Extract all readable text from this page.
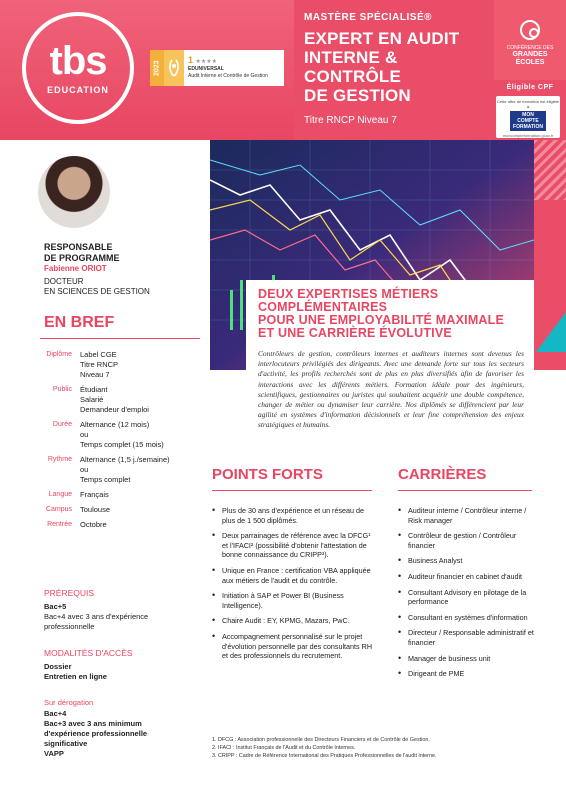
tbs
EDUCATION
2023
1 ★★★★
EDUNIVERSAL
Audit Interne et Contrôle de Gestion
MASTÈRE SPÉCIALISÉ®
EXPERT EN AUDIT
INTERNE & CONTRÔLE
DE GESTION
Titre RNCP Niveau 7
CONFÉRENCE DES
GRANDES
ÉCOLES
Éligible CPF
Cette offre de formation est éligible à
MON
COMPTE
FORMATION
moncompteformation.gouv.fr
RESPONSABLE
DE PROGRAMME
Fabienne ORIOT
DOCTEUR
EN SCIENCES DE GESTION
EN BREF
Diplôme	Label CGE
Titre RNCP
Niveau 7
Public	Étudiant
Salarié
Demandeur d'emploi
Durée	Alternance (12 mois)
ou
Temps complet (15 mois)
Rythme	Alternance (1,5 j./semaine)
ou
Temps complet
Langue	Français
Campus	Toulouse
Rentrée	Octobre
PRÉREQUIS
Bac+5
Bac+4 avec 3 ans d'expérience
professionnelle
MODALITÉS D'ACCÈS
Dossier
Entretien en ligne
Sur dérogation
Bac+4
Bac+3 avec 3 ans minimum
d'expérience professionnelle
significative
VAPP
DEUX EXPERTISES MÉTIERS COMPLÉMENTAIRES
POUR UNE EMPLOYABILITÉ MAXIMALE
ET UNE CARRIÈRE ÉVOLUTIVE
Contrôleurs de gestion, contrôleurs internes et auditeurs internes sont devenus les interlocuteurs privilégiés des dirigeants. Avec une demande forte sur tous les secteurs d'activité, les profils recherchés sont de plus en plus diversifiés afin de favoriser les interactions avec les différents métiers. Formation idéale pour des ingénieurs, scientifiques, gestionnaires ou juristes qui souhaitent acquérir une double compétence, changer de métier ou dynamiser leur carrière. Nos diplômés se différencient par leur agilité en systèmes d'information décisionnels et leur fine compréhension des enjeux stratégiques et humains.
POINTS FORTS
• Plus de 30 ans d'expérience et un réseau de plus de 1 500 diplômés.
• Deux parrainages de référence avec la DFCG¹ et l'IFACI² (possibilité d'obtenir l'attestation de bonne connaissance du CRIPP³).
• Unique en France : certification VBA appliquée aux métiers de l'audit et du contrôle.
• Initiation à SAP et Power BI (Business Intelligence).
• Chaire Audit : EY, KPMG, Mazars, PwC.
• Accompagnement personnalisé sur le projet d'évolution personnelle par des consultants RH et des professionnels du recrutement.
CARRIÈRES
• Auditeur interne / Contrôleur interne / Risk manager
• Contrôleur de gestion / Contrôleur financier
• Business Analyst
• Auditeur financier en cabinet d'audit
• Consultant Advisory en pilotage de la performance
• Consultant en systèmes d'information
• Directeur / Responsable administratif et financier
• Manager de business unit
• Dirigeant de PME
1. DFCG : Association professionnelle des Directeurs Financiers et de Contrôle de Gestion.
2. IFACI : Institut Français de l'Audit et du Contrôle Internes.
3. CRIPP : Cadre de Référence International des Pratiques Professionnelles de l'audit interne.
